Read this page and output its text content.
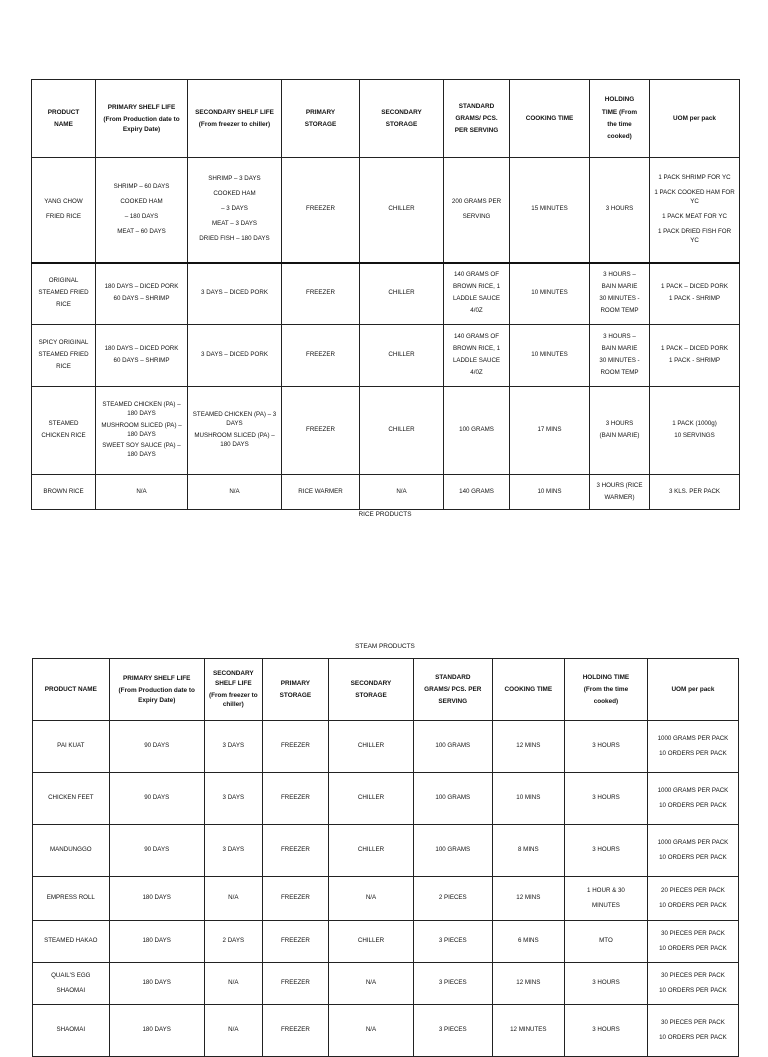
PRODUCT
NAME	PRIMARY SHELF LIFE
(From Production date to Expiry Date)	SECONDARY SHELF LIFE
(From freezer to chiller)	PRIMARY
STORAGE	SECONDARY
STORAGE	STANDARD
GRAMS/ PCS.
PER SERVING	COOKING TIME	HOLDING
TIME (From
the time
cooked)	UOM per pack

YANG CHOW
FRIED RICE	SHRIMP – 60 DAYS
COOKED HAM
– 180 DAYS
MEAT – 60 DAYS	SHRIMP – 3 DAYS
COOKED HAM
– 3 DAYS
MEAT – 3 DAYS
DRIED FISH – 180 DAYS	FREEZER	CHILLER	200 GRAMS PER
SERVING	15 MINUTES	3 HOURS	1 PACK SHRIMP FOR YC
1 PACK COOKED HAM FOR YC
1 PACK MEAT FOR YC
1 PACK DRIED FISH FOR YC

ORIGINAL
STEAMED FRIED
RICE	180 DAYS – DICED PORK
60 DAYS – SHRIMP	3 DAYS – DICED PORK	FREEZER	CHILLER	140 GRAMS OF
BROWN RICE, 1
LADDLE SAUCE
4/0Z	10 MINUTES	3 HOURS –
BAIN MARIE
30 MINUTES -
ROOM TEMP	1 PACK – DICED PORK
1 PACK - SHRIMP

SPICY ORIGINAL
STEAMED FRIED
RICE	180 DAYS – DICED PORK
60 DAYS – SHRIMP	3 DAYS – DICED PORK	FREEZER	CHILLER	140 GRAMS OF
BROWN RICE, 1
LADDLE SAUCE
4/0Z	10 MINUTES	3 HOURS –
BAIN MARIE
30 MINUTES -
ROOM TEMP	1 PACK – DICED PORK
1 PACK - SHRIMP

STEAMED
CHICKEN RICE	STEAMED CHICKEN (PA) – 180 DAYS
MUSHROOM SLICED (PA) – 180 DAYS
SWEET SOY SAUCE (PA) – 180 DAYS	STEAMED CHICKEN (PA) – 3 DAYS
MUSHROOM SLICED (PA) – 180 DAYS	FREEZER	CHILLER	100 GRAMS	17 MINS	3 HOURS
(BAIN MARIE)	1 PACK (1000g)
10 SERVINGS

BROWN RICE	N/A	N/A	RICE WARMER	N/A	140 GRAMS	10 MINS	3 HOURS (RICE
WARMER)	3 KLS. PER PACK
RICE PRODUCTS
STEAM PRODUCTS
PRODUCT NAME	PRIMARY SHELF LIFE
(From Production date to Expiry Date)	SECONDARY SHELF LIFE
(From freezer to chiller)	PRIMARY
STORAGE	SECONDARY
STORAGE	STANDARD
GRAMS/ PCS. PER
SERVING	COOKING TIME	HOLDING TIME
(From the time
cooked)	UOM per pack

PAI KUAT	90 DAYS	3 DAYS	FREEZER	CHILLER	100 GRAMS	12 MINS	3 HOURS	1000 GRAMS PER PACK
10 ORDERS PER PACK

CHICKEN FEET	90 DAYS	3 DAYS	FREEZER	CHILLER	100 GRAMS	10 MINS	3 HOURS	1000 GRAMS PER PACK
10 ORDERS PER PACK

MANDUNGGO	90 DAYS	3 DAYS	FREEZER	CHILLER	100 GRAMS	8 MINS	3 HOURS	1000 GRAMS PER PACK
10 ORDERS PER PACK

EMPRESS ROLL	180 DAYS	N/A	FREEZER	N/A	2 PIECES	12 MINS	1 HOUR & 30
MINUTES	20 PIECES PER PACK
10 ORDERS PER PACK

STEAMED HAKAO	180 DAYS	2 DAYS	FREEZER	CHILLER	3 PIECES	6 MINS	MTO	30 PIECES PER PACK
10 ORDERS PER PACK

QUAIL'S EGG
SHAOMAI	180 DAYS	N/A	FREEZER	N/A	3 PIECES	12 MINS	3 HOURS	30 PIECES PER PACK
10 ORDERS PER PACK

SHAOMAI	180 DAYS	N/A	FREEZER	N/A	3 PIECES	12 MINUTES	3 HOURS	30 PIECES PER PACK
10 ORDERS PER PACK
